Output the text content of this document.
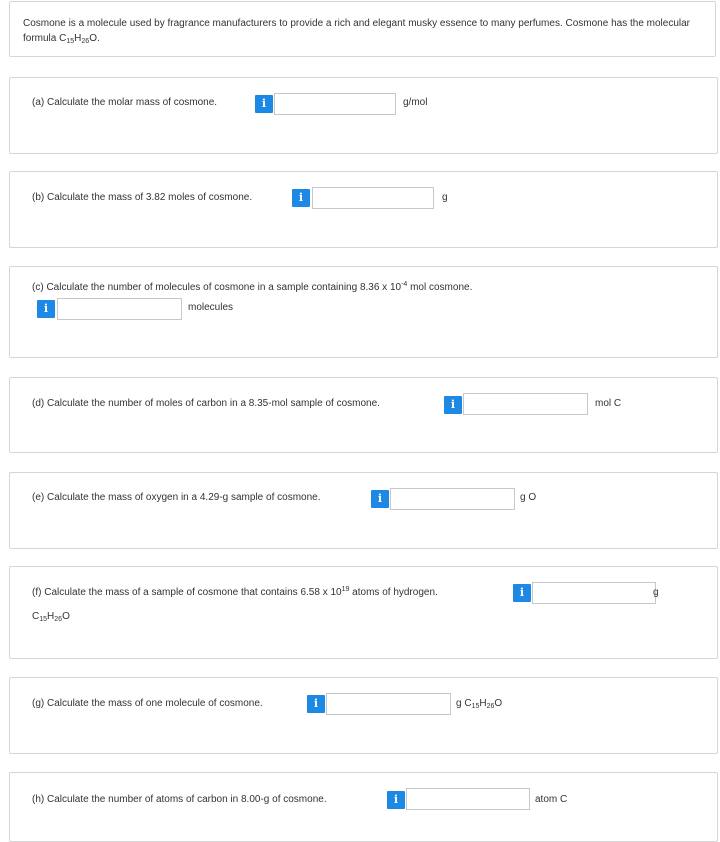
Cosmone is a molecule used by fragrance manufacturers to provide a rich and elegant musky essence to many perfumes. Cosmone has the molecular formula $C_{15}H_{26}O$.
(a) Calculate the molar mass of cosmone.	i	g/mol
(b) Calculate the mass of 3.82 moles of cosmone.	i	g
(c) Calculate the number of molecules of cosmone in a sample containing 8.36 x $10^{-4}$ mol cosmone.
i	molecules
(d) Calculate the number of moles of carbon in a 8.35-mol sample of cosmone.	i	mol C
(e) Calculate the mass of oxygen in a 4.29-g sample of cosmone.	i	g O
(f) Calculate the mass of a sample of cosmone that contains 6.58 x $10^{19}$ atoms of hydrogen.	i	g
$C_{15}H_{26}O$
(g) Calculate the mass of one molecule of cosmone.	i	g $C_{15}H_{26}O$
(h) Calculate the number of atoms of carbon in 8.00-g of cosmone.	i	atom C
